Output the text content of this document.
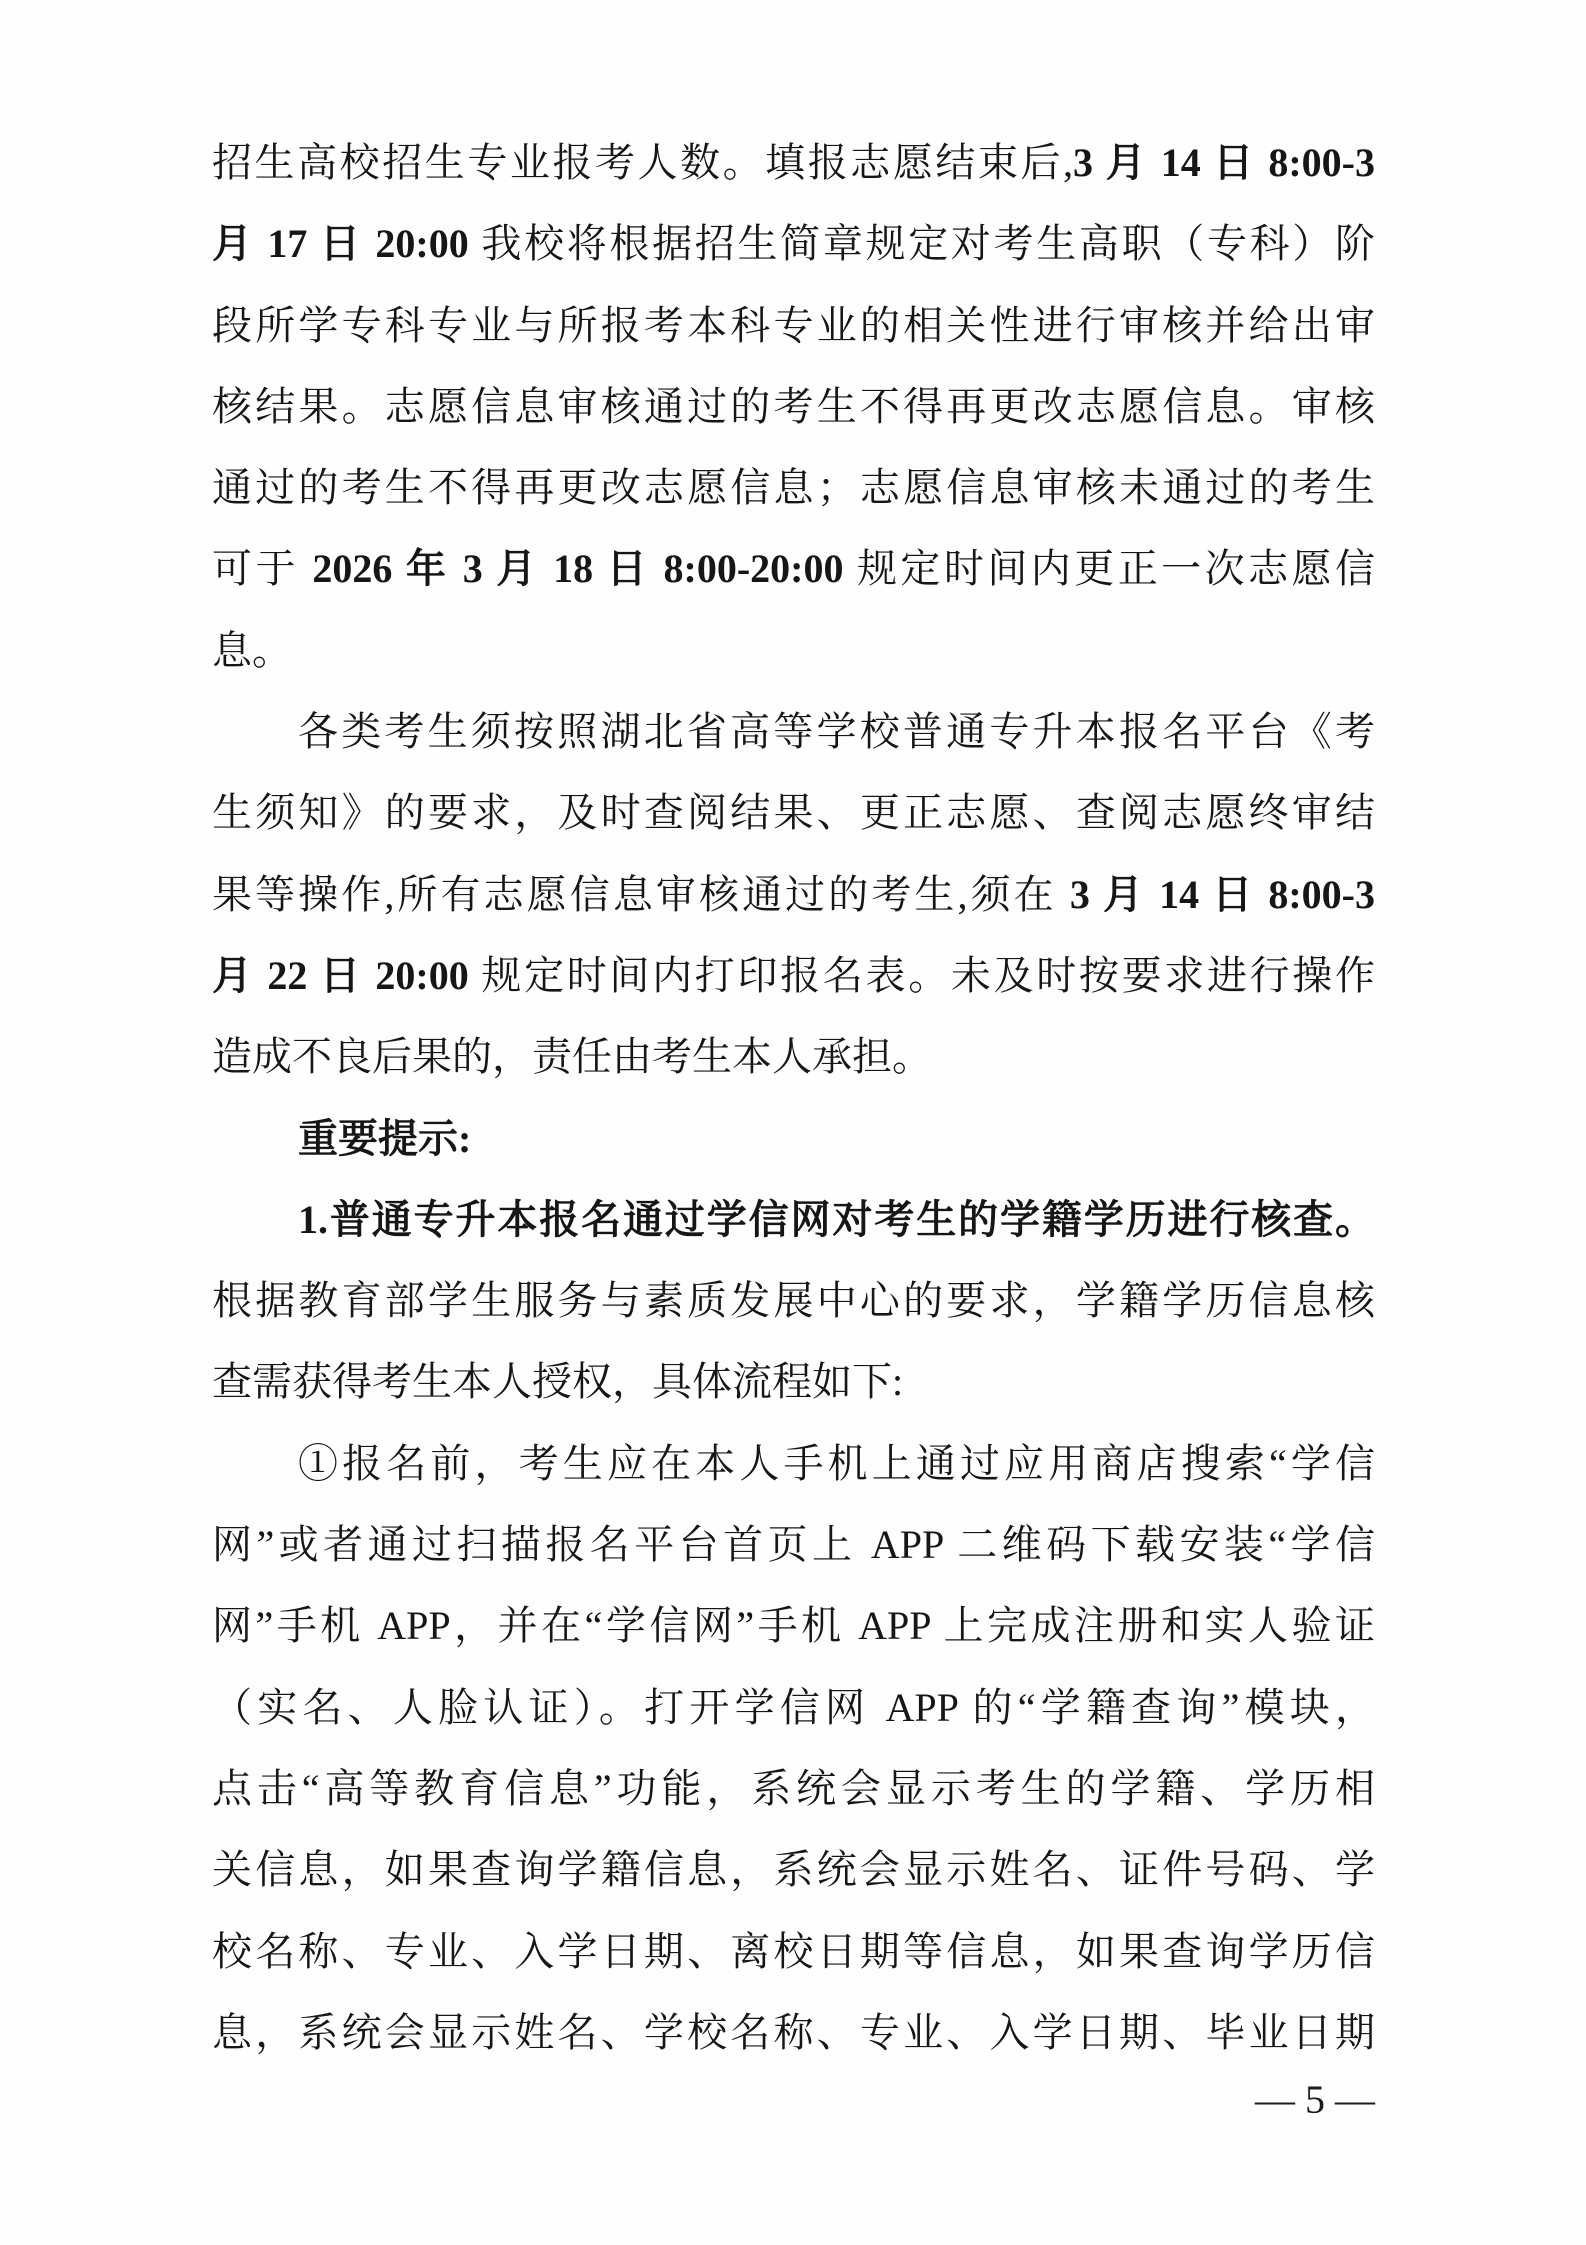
招生高校招生专业报考人数。填报志愿结束后,3 月 14 日 8:00-3
月 17 日 20:00 我校将根据招生简章规定对考生高职（专科）阶
段所学专科专业与所报考本科专业的相关性进行审核并给出审
核结果。志愿信息审核通过的考生不得再更改志愿信息。审核
通过的考生不得再更改志愿信息；志愿信息审核未通过的考生
可于 2026 年 3 月 18 日 8:00-20:00 规定时间内更正一次志愿信
息。
各类考生须按照湖北省高等学校普通专升本报名平台《考
生须知》的要求，及时查阅结果、更正志愿、查阅志愿终审结
果等操作,所有志愿信息审核通过的考生,须在 3 月 14 日 8:00-3
月 22 日 20:00 规定时间内打印报名表。未及时按要求进行操作
造成不良后果的，责任由考生本人承担。
重要提示:
1.普通专升本报名通过学信网对考生的学籍学历进行核查。
根据教育部学生服务与素质发展中心的要求，学籍学历信息核
查需获得考生本人授权，具体流程如下:
①报名前，考生应在本人手机上通过应用商店搜索“学信
网”或者通过扫描报名平台首页上 APP 二维码下载安装“学信
网”手机 APP，并在“学信网”手机 APP 上完成注册和实人验证
（实名、人脸认证）。打开学信网 APP 的“学籍查询”模块，
点击“高等教育信息”功能，系统会显示考生的学籍、学历相
关信息，如果查询学籍信息，系统会显示姓名、证件号码、学
校名称、专业、入学日期、离校日期等信息，如果查询学历信
息，系统会显示姓名、学校名称、专业、入学日期、毕业日期
— 5 —
